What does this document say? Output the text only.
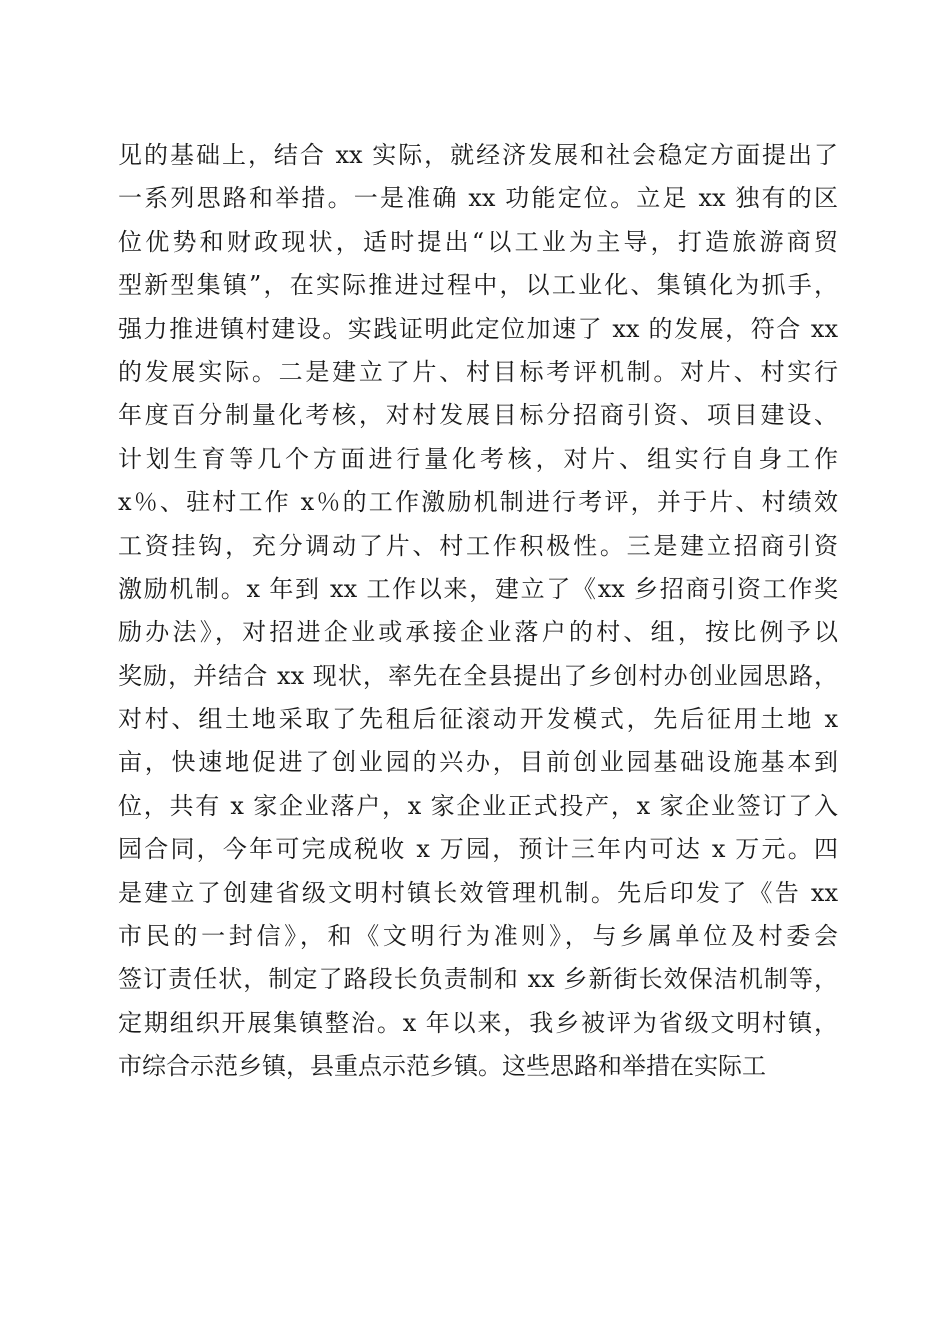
见的基础上，结合 xx 实际，就经济发展和社会稳定方面提出了
一系列思路和举措。一是准确 xx 功能定位。立足 xx 独有的区
位优势和财政现状，适时提出“以工业为主导，打造旅游商贸
型新型集镇”，在实际推进过程中，以工业化、集镇化为抓手，
强力推进镇村建设。实践证明此定位加速了 xx 的发展，符合 xx
的发展实际。二是建立了片、村目标考评机制。对片、村实行
年度百分制量化考核，对村发展目标分招商引资、项目建设、
计划生育等几个方面进行量化考核，对片、组实行自身工作
x％、驻村工作 x％的工作激励机制进行考评，并于片、村绩效
工资挂钩，充分调动了片、村工作积极性。三是建立招商引资
激励机制。x 年到 xx 工作以来，建立了《xx 乡招商引资工作奖
励办法》，对招进企业或承接企业落户的村、组，按比例予以
奖励，并结合 xx 现状，率先在全县提出了乡创村办创业园思路，
对村、组土地采取了先租后征滚动开发模式，先后征用土地 x
亩，快速地促进了创业园的兴办，目前创业园基础设施基本到
位，共有 x 家企业落户，x 家企业正式投产，x 家企业签订了入
园合同，今年可完成税收 x 万园，预计三年内可达 x 万元。四
是建立了创建省级文明村镇长效管理机制。先后印发了《告 xx
市民的一封信》，和《文明行为准则》，与乡属单位及村委会
签订责任状，制定了路段长负责制和 xx 乡新街长效保洁机制等，
定期组织开展集镇整治。x 年以来，我乡被评为省级文明村镇，
市综合示范乡镇，县重点示范乡镇。这些思路和举措在实际工
